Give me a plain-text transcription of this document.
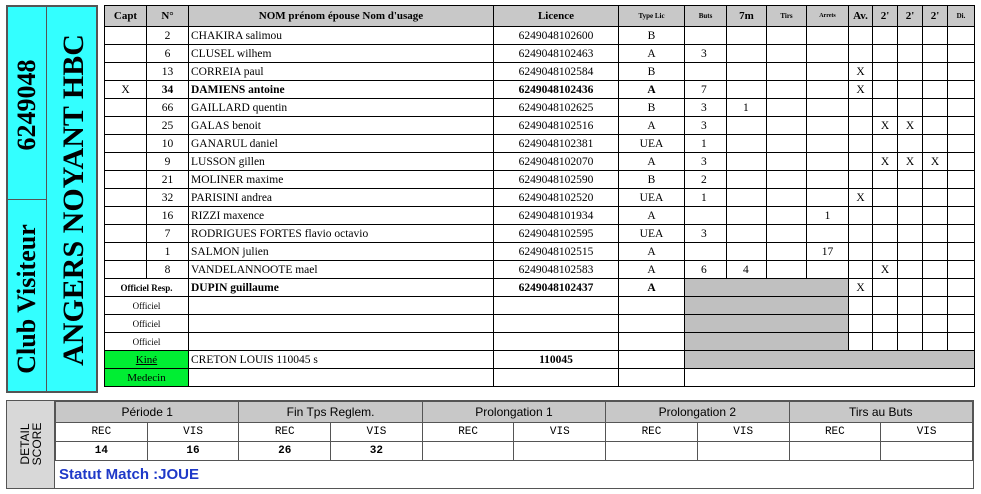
6249048
Club Visiteur ANGERS NOYANT HBC
Capt	N°	NOM prénom épouse Nom d'usage	Licence	Type Lic	Buts	7m	Tirs	Arrets	Av.	2'	2'	2'	Di.
	2	CHAKIRA salimou	6249048102600	B									
	6	CLUSEL wilhem	6249048102463	A	3								
	13	CORREIA paul	6249048102584	B					X				
X	34	DAMIENS antoine	6249048102436	A	7				X				
	66	GAILLARD quentin	6249048102625	B	3	1							
	25	GALAS benoit	6249048102516	A	3					X	X		
	10	GANARUL daniel	6249048102381	UEA	1								
	9	LUSSON gillen	6249048102070	A	3					X	X	X	
	21	MOLINER maxime	6249048102590	B	2								
	32	PARISINI andrea	6249048102520	UEA	1				X				
	16	RIZZI maxence	6249048101934	A				1					
	7	RODRIGUES FORTES flavio octavio	6249048102595	UEA	3								
	1	SALMON julien	6249048102515	A				17					
	8	VANDELANNOOTE mael	6249048102583	A	6	4				X			
Officiel Resp.		DUPIN guillaume	6249048102437	A					X				
Officiel													
Officiel													
Officiel													
Kiné		CRETON LOUIS 110045 s	110045										
Medecin													
DETAIL
SCORE
Période 1		Fin Tps Reglem.		Prolongation 1		Prolongation 2		Tirs au Buts	
REC	VIS	REC	VIS	REC	VIS	REC	VIS	REC	VIS
14	16	26	32						
Statut Match :JOUE
